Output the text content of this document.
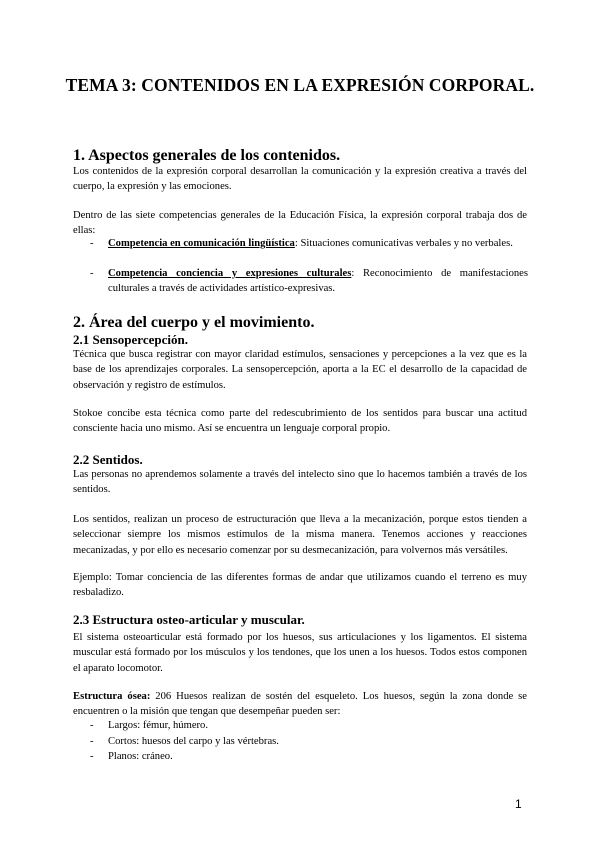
TEMA 3: CONTENIDOS EN LA EXPRESIÓN CORPORAL.
1. Aspectos generales de los contenidos.
Los contenidos de la expresión corporal desarrollan la comunicación y la expresión creativa a través del cuerpo, la expresión y las emociones.
Dentro de las siete competencias generales de la Educación Física, la expresión corporal trabaja dos de ellas:
- Competencia en comunicación lingüística: Situaciones comunicativas verbales y no verbales.
- Competencia conciencia y expresiones culturales: Reconocimiento de manifestaciones culturales a través de actividades artístico-expresivas.
2. Área del cuerpo y el movimiento.
2.1 Sensopercepción.
Técnica que busca registrar con mayor claridad estímulos, sensaciones y percepciones a la vez que es la base de los aprendizajes corporales. La sensopercepción, aporta a la EC el desarrollo de la capacidad de observación y registro de estímulos.
Stokoe concibe esta técnica como parte del redescubrimiento de los sentidos para buscar una actitud consciente hacia uno mismo. Así se encuentra un lenguaje corporal propio.
2.2 Sentidos.
Las personas no aprendemos solamente a través del intelecto sino que lo hacemos también a través de los sentidos.
Los sentidos, realizan un proceso de estructuración que lleva a la mecanización, porque estos tienden a seleccionar siempre los mismos estímulos de la misma manera. Tenemos acciones y reacciones mecanizadas, y por ello es necesario comenzar por su desmecanización, para volvernos más versátiles.
Ejemplo: Tomar conciencia de las diferentes formas de andar que utilizamos cuando el terreno es muy resbaladizo.
2.3 Estructura osteo-articular y muscular.
El sistema osteoarticular está formado por los huesos, sus articulaciones y los ligamentos. El sistema muscular está formado por los músculos y los tendones, que los unen a los huesos. Todos estos componen el aparato locomotor.
Estructura ósea: 206 Huesos realizan de sostén del esqueleto. Los huesos, según la zona donde se encuentren o la misión que tengan que desempeñar pueden ser:
- Largos: fémur, húmero.
- Cortos: huesos del carpo y las vértebras.
- Planos: cráneo.
1
